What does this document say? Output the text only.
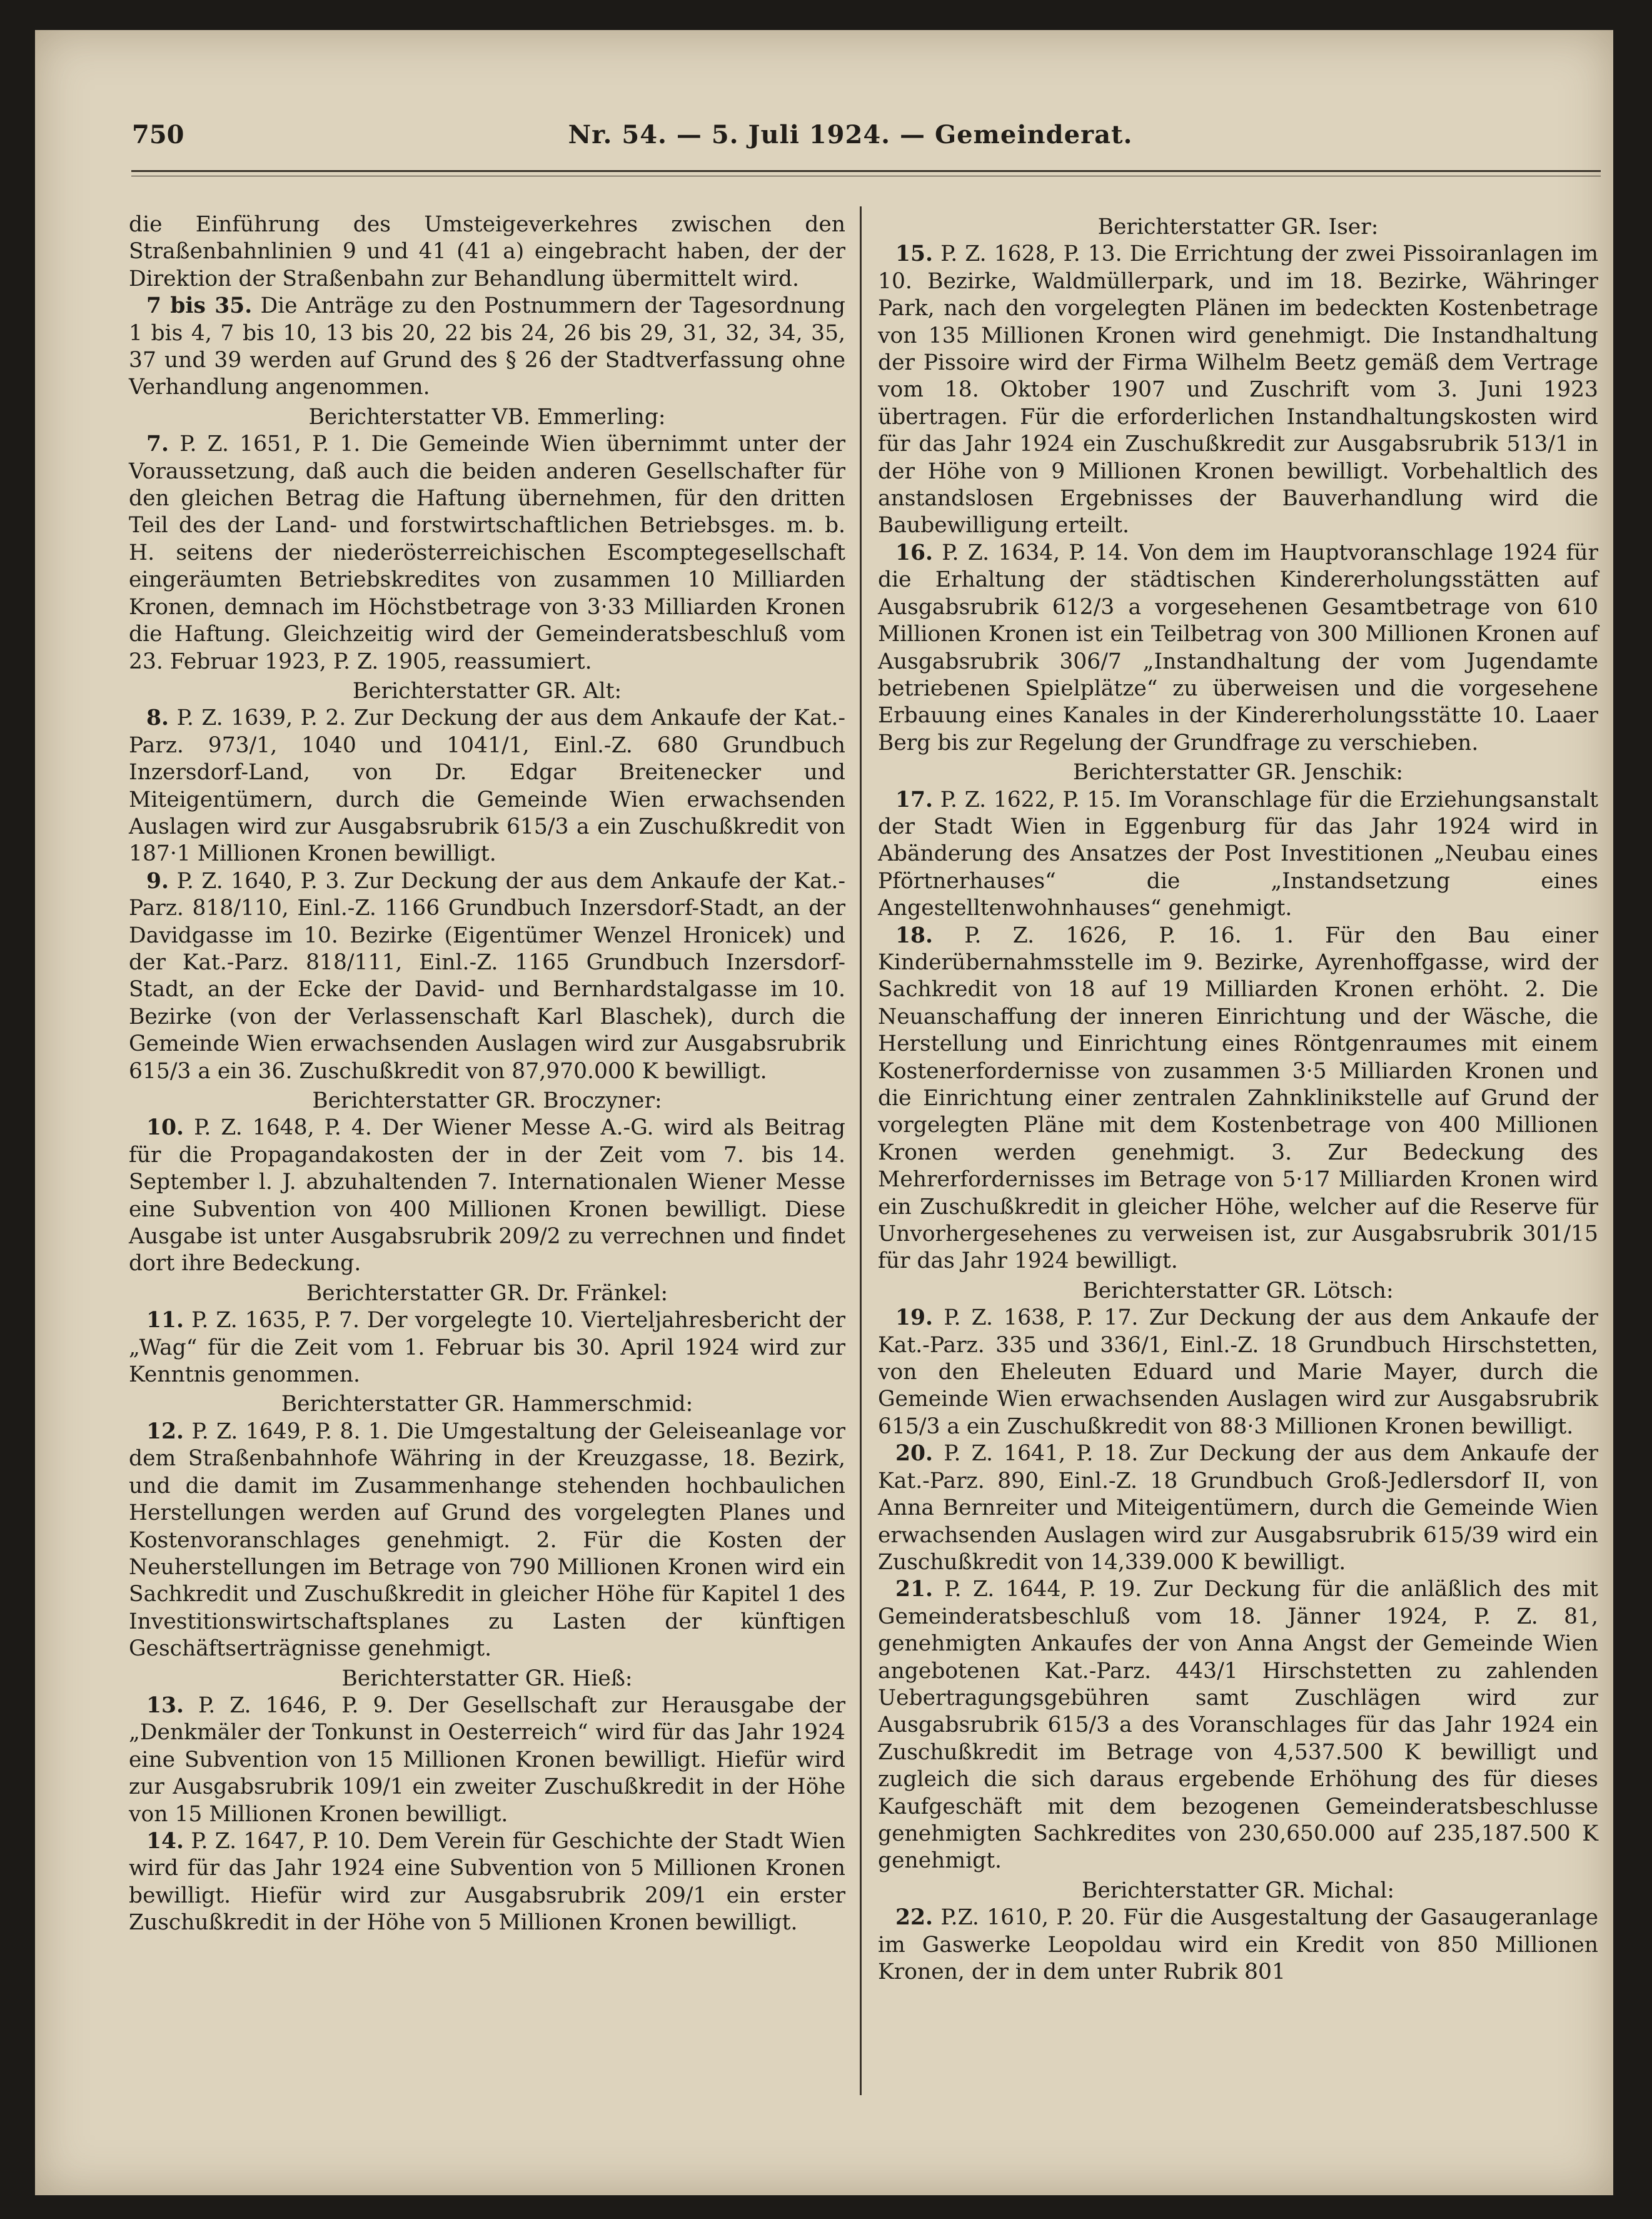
750	Nr. 54. — 5. Juli 1924. — Gemeinderat.

die Einführung des Umsteigeverkehres zwischen den Straßenbahnlinien 9 und 41 (41 a) eingebracht haben, der der Direktion der Straßenbahn zur Behandlung übermittelt wird.

7 bis 35. Die Anträge zu den Postnummern der Tagesordnung 1 bis 4, 7 bis 10, 13 bis 20, 22 bis 24, 26 bis 29, 31, 32, 34, 35, 37 und 39 werden auf Grund des § 26 der Stadtverfassung ohne Verhandlung angenommen.

Berichterstatter VB. Emmerling:

7. P. Z. 1651, P. 1. Die Gemeinde Wien übernimmt unter der Voraussetzung, daß auch die beiden anderen Gesellschafter für den gleichen Betrag die Haftung übernehmen, für den dritten Teil des der Land- und forstwirtschaftlichen Betriebsges. m. b. H. seitens der niederösterreichischen Escomptegesellschaft eingeräumten Betriebskredites von zusammen 10 Milliarden Kronen, demnach im Höchstbetrage von 3·33 Milliarden Kronen die Haftung. Gleichzeitig wird der Gemeinderatsbeschluß vom 23. Februar 1923, P. Z. 1905, reassumiert.

Berichterstatter GR. Alt:

8. P. Z. 1639, P. 2. Zur Deckung der aus dem Ankaufe der Kat.-Parz. 973/1, 1040 und 1041/1, Einl.-Z. 680 Grundbuch Inzersdorf-Land, von Dr. Edgar Breitenecker und Miteigentümern, durch die Gemeinde Wien erwachsenden Auslagen wird zur Ausgabsrubrik 615/3 a ein Zuschußkredit von 187·1 Millionen Kronen bewilligt.

9. P. Z. 1640, P. 3. Zur Deckung der aus dem Ankaufe der Kat.-Parz. 818/110, Einl.-Z. 1166 Grundbuch Inzersdorf-Stadt, an der Davidgasse im 10. Bezirke (Eigentümer Wenzel Hronicek) und der Kat.-Parz. 818/111, Einl.-Z. 1165 Grundbuch Inzersdorf-Stadt, an der Ecke der David- und Bernhardstalgasse im 10. Bezirke (von der Verlassenschaft Karl Blaschek), durch die Gemeinde Wien erwachsenden Auslagen wird zur Ausgabsrubrik 615/3 a ein 36. Zuschußkredit von 87,970.000 K bewilligt.

Berichterstatter GR. Broczyner:

10. P. Z. 1648, P. 4. Der Wiener Messe A.-G. wird als Beitrag für die Propagandakosten der in der Zeit vom 7. bis 14. September l. J. abzuhaltenden 7. Internationalen Wiener Messe eine Subvention von 400 Millionen Kronen bewilligt. Diese Ausgabe ist unter Ausgabsrubrik 209/2 zu verrechnen und findet dort ihre Bedeckung.

Berichterstatter GR. Dr. Fränkel:

11. P. Z. 1635, P. 7. Der vorgelegte 10. Vierteljahresbericht der „Wag“ für die Zeit vom 1. Februar bis 30. April 1924 wird zur Kenntnis genommen.

Berichterstatter GR. Hammerschmid:

12. P. Z. 1649, P. 8. 1. Die Umgestaltung der Geleiseanlage vor dem Straßenbahnhofe Währing in der Kreuzgasse, 18. Bezirk, und die damit im Zusammenhange stehenden hochbaulichen Herstellungen werden auf Grund des vorgelegten Planes und Kostenvoranschlages genehmigt. 2. Für die Kosten der Neuherstellungen im Betrage von 790 Millionen Kronen wird ein Sachkredit und Zuschußkredit in gleicher Höhe für Kapitel 1 des Investitionswirtschaftsplanes zu Lasten der künftigen Geschäftserträgnisse genehmigt.

Berichterstatter GR. Hieß:

13. P. Z. 1646, P. 9. Der Gesellschaft zur Herausgabe der „Denkmäler der Tonkunst in Oesterreich“ wird für das Jahr 1924 eine Subvention von 15 Millionen Kronen bewilligt. Hiefür wird zur Ausgabsrubrik 109/1 ein zweiter Zuschußkredit in der Höhe von 15 Millionen Kronen bewilligt.

14. P. Z. 1647, P. 10. Dem Verein für Geschichte der Stadt Wien wird für das Jahr 1924 eine Subvention von 5 Millionen Kronen bewilligt. Hiefür wird zur Ausgabsrubrik 209/1 ein erster Zuschußkredit in der Höhe von 5 Millionen Kronen bewilligt.

Berichterstatter GR. Iser:

15. P. Z. 1628, P. 13. Die Errichtung der zwei Pissoiranlagen im 10. Bezirke, Waldmüllerpark, und im 18. Bezirke, Währinger Park, nach den vorgelegten Plänen im bedeckten Kostenbetrage von 135 Millionen Kronen wird genehmigt. Die Instandhaltung der Pissoire wird der Firma Wilhelm Beetz gemäß dem Vertrage vom 18. Oktober 1907 und Zuschrift vom 3. Juni 1923 übertragen. Für die erforderlichen Instandhaltungskosten wird für das Jahr 1924 ein Zuschußkredit zur Ausgabsrubrik 513/1 in der Höhe von 9 Millionen Kronen bewilligt. Vorbehaltlich des anstandslosen Ergebnisses der Bauverhandlung wird die Baubewilligung erteilt.

16. P. Z. 1634, P. 14. Von dem im Hauptvoranschlage 1924 für die Erhaltung der städtischen Kindererholungsstätten auf Ausgabsrubrik 612/3 a vorgesehenen Gesamtbetrage von 610 Millionen Kronen ist ein Teilbetrag von 300 Millionen Kronen auf Ausgabsrubrik 306/7 „Instandhaltung der vom Jugendamte betriebenen Spielplätze“ zu überweisen und die vorgesehene Erbauung eines Kanales in der Kindererholungsstätte 10. Laaer Berg bis zur Regelung der Grundfrage zu verschieben.

Berichterstatter GR. Jenschik:

17. P. Z. 1622, P. 15. Im Voranschlage für die Erziehungsanstalt der Stadt Wien in Eggenburg für das Jahr 1924 wird in Abänderung des Ansatzes der Post Investitionen „Neubau eines Pförtnerhauses“ die „Instandsetzung eines Angestelltenwohnhauses“ genehmigt.

18. P. Z. 1626, P. 16. 1. Für den Bau einer Kinderübernahmsstelle im 9. Bezirke, Ayrenhoffgasse, wird der Sachkredit von 18 auf 19 Milliarden Kronen erhöht. 2. Die Neuanschaffung der inneren Einrichtung und der Wäsche, die Herstellung und Einrichtung eines Röntgenraumes mit einem Kostenerfordernisse von zusammen 3·5 Milliarden Kronen und die Einrichtung einer zentralen Zahnklinikstelle auf Grund der vorgelegten Pläne mit dem Kostenbetrage von 400 Millionen Kronen werden genehmigt. 3. Zur Bedeckung des Mehrerfordernisses im Betrage von 5·17 Milliarden Kronen wird ein Zuschußkredit in gleicher Höhe, welcher auf die Reserve für Unvorhergesehenes zu verweisen ist, zur Ausgabsrubrik 301/15 für das Jahr 1924 bewilligt.

Berichterstatter GR. Lötsch:

19. P. Z. 1638, P. 17. Zur Deckung der aus dem Ankaufe der Kat.-Parz. 335 und 336/1, Einl.-Z. 18 Grundbuch Hirschstetten, von den Eheleuten Eduard und Marie Mayer, durch die Gemeinde Wien erwachsenden Auslagen wird zur Ausgabsrubrik 615/3 a ein Zuschußkredit von 88·3 Millionen Kronen bewilligt.

20. P. Z. 1641, P. 18. Zur Deckung der aus dem Ankaufe der Kat.-Parz. 890, Einl.-Z. 18 Grundbuch Groß-Jedlersdorf II, von Anna Bernreiter und Miteigentümern, durch die Gemeinde Wien erwachsenden Auslagen wird zur Ausgabsrubrik 615/39 wird ein Zuschußkredit von 14,339.000 K bewilligt.

21. P. Z. 1644, P. 19. Zur Deckung für die anläßlich des mit Gemeinderatsbeschluß vom 18. Jänner 1924, P. Z. 81, genehmigten Ankaufes der von Anna Angst der Gemeinde Wien angebotenen Kat.-Parz. 443/1 Hirschstetten zu zahlenden Uebertragungsgebühren samt Zuschlägen wird zur Ausgabsrubrik 615/3 a des Voranschlages für das Jahr 1924 ein Zuschußkredit im Betrage von 4,537.500 K bewilligt und zugleich die sich daraus ergebende Erhöhung des für dieses Kaufgeschäft mit dem bezogenen Gemeinderatsbeschlusse genehmigten Sachkredites von 230,650.000 auf 235,187.500 K genehmigt.

Berichterstatter GR. Michal:

22. P.Z. 1610, P. 20. Für die Ausgestaltung der Gasaugeranlage im Gaswerke Leopoldau wird ein Kredit von 850 Millionen Kronen, der in dem unter Rubrik 801
